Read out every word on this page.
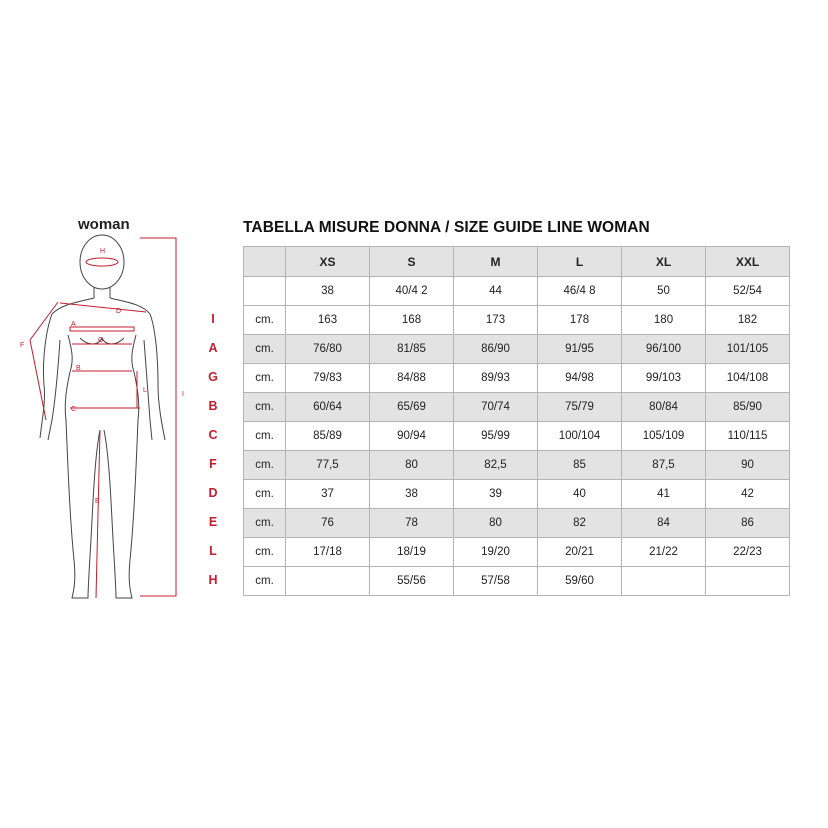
woman
H
D
A
G
B
L
C
F
E
I
TABELLA MISURE DONNA / SIZE GUIDE LINE WOMAN
	XS	S	M	L	XL	XXL
	38	40/4 2	44	46/4 8	50	52/54
cm.	163	168	173	178	180	182
cm.	76/80	81/85	86/90	91/95	96/100	101/105
cm.	79/83	84/88	89/93	94/98	99/103	104/108
cm.	60/64	65/69	70/74	75/79	80/84	85/90
cm.	85/89	90/94	95/99	100/104	105/109	110/115
cm.	77,5	80	82,5	85	87,5	90
cm.	37	38	39	40	41	42
cm.	76	78	80	82	84	86
cm.	17/18	18/19	19/20	20/21	21/22	22/23
cm.		55/56	57/58	59/60		
I
A
G
B
C
F
D
E
L
H
